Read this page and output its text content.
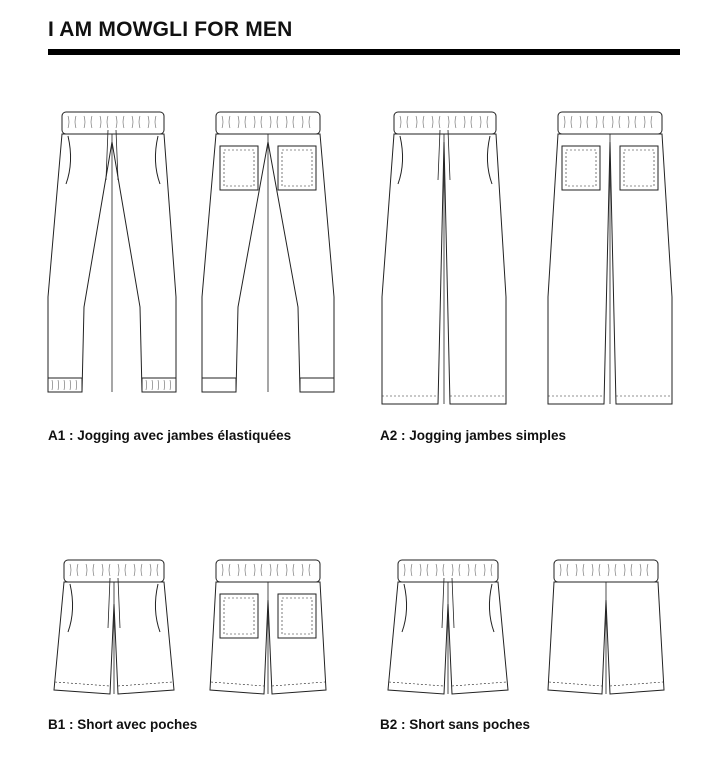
I AM MOWGLI FOR MEN

A1 : Jogging avec jambes élastiquées	A2 : Jogging jambes simples

B1 : Short avec poches	B2 : Short sans poches
